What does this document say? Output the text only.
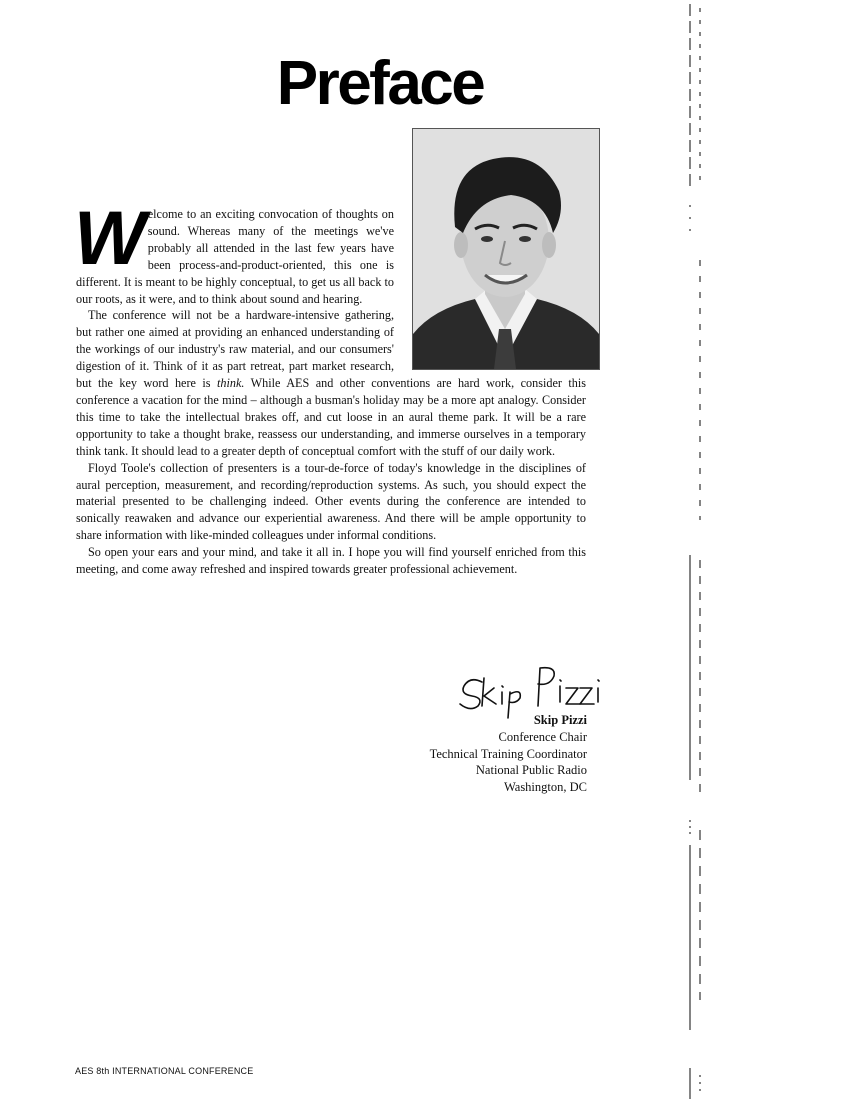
Preface
W elcome to an exciting convocation of thoughts on sound. Whereas many of the meetings we've probably all attended in the last few years have been process-and-product-oriented, this one is different. It is meant to be highly conceptual, to get us all back to our roots, as it were, and to think about sound and hearing.

The conference will not be a hardware-intensive gathering, but rather one aimed at providing an enhanced understanding of the workings of our industry's raw material, and our consumers' digestion of it. Think of it as part retreat, part market research, but the key word here is think. While AES and other conventions are hard work, consider this conference a vacation for the mind – although a busman's holiday may be a more apt analogy. Consider this time to take the intellectual brakes off, and cut loose in an aural theme park. It will be a rare opportunity to take a thought brake, reassess our understanding, and immerse ourselves in a temporary think tank. It should lead to a greater depth of conceptual comfort with the stuff of our daily work.

Floyd Toole's collection of presenters is a tour-de-force of today's knowledge in the disciplines of aural perception, measurement, and recording/reproduction systems. As such, you should expect the material presented to be challenging indeed. Other events during the conference are intended to sonically reawaken and advance our experiential awareness. And there will be ample opportunity to share information with like-minded colleagues under informal conditions.

So open your ears and your mind, and take it all in. I hope you will find yourself enriched from this meeting, and come away refreshed and inspired towards greater professional achievement.

Skip Pizzi
Conference Chair
Technical Training Coordinator
National Public Radio
Washington, DC
AES 8th INTERNATIONAL CONFERENCE
